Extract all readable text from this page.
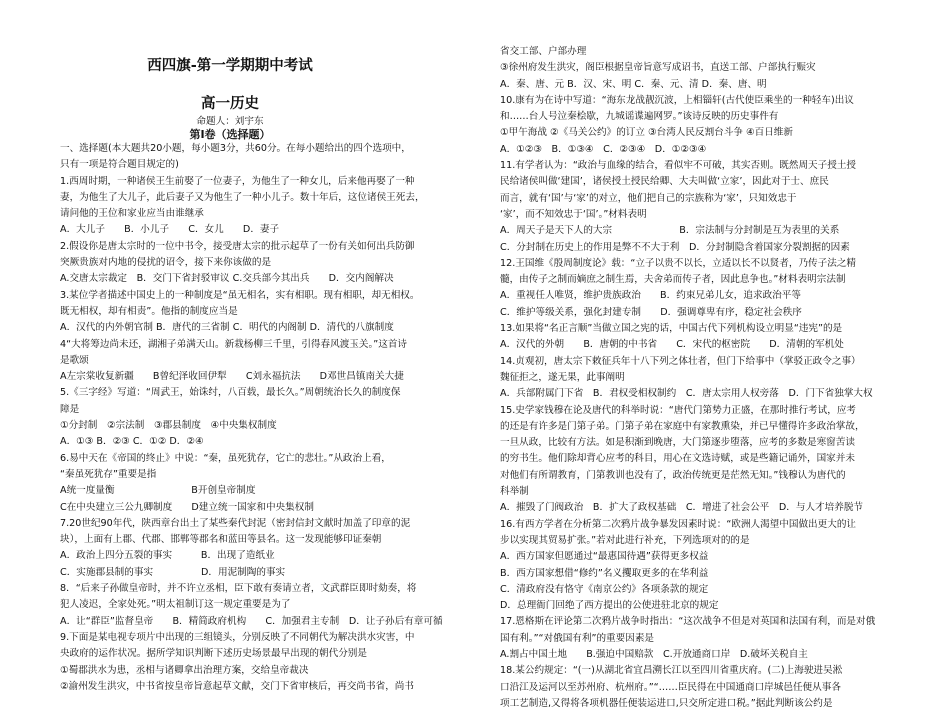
西四旗-第一学期期中考试
高一历史
命题人：刘宇东
第Ⅰ卷（选择题）
一、选择题(本大题共20小题，每小题3分，共60分。在每小题给出的四个选项中，
只有一项是符合题目规定的)
1.西周时期，一种诸侯王生前娶了一位妻子，为他生了一种女儿，后来他再娶了一种
妻，为他生了大儿子，此后妻子又为他生了一种小儿子。数十年后，这位诸侯王死去，
请问他的王位和家业应当由谁继承
A．大儿子　　B．小儿子　　C．女儿　　D．妻子
2.假设你是唐太宗时的一位中书令，接受唐太宗的批示起草了一份有关如何出兵防御
突厥贵族对内地的侵扰的诏令，接下来你该做的是
A.交唐太宗裁定　B．交门下省封驳审议 C.交兵部今其出兵　　D．交内阁解决
3.某位学者描述中国史上的一种制度是“虽无相名，实有相职。现有相职，却无相权。
既无相权，却有相责”。他指的制度应当是
A．汉代的内外朝官制 B．唐代的三省制 C．明代的内阁制 D．清代的八旗制度
4“大将筹边尚未还，湖湘子弟满天山。新栽杨柳三千里，引得春风渡玉关。”这首诗
是歌颂
A左宗棠收复新疆　　B曾纪泽收回伊犁　　C刘永福抗法　　D邓世昌镇南关大捷
5.《三字经》写道：“周武王，始诛纣，八百载，最长久。”周朝统治长久的制度保
障是
①分封制　②宗法制　③郡县制度　④中央集权制度
A．①③ B．②③ C．①② D．②④
6.易中天在《帝国的终止》中说：“秦，虽死犹存，它亡的悲壮。”从政治上看，
“秦虽死犹存”重要是指
A统一度量衡　　　　　　　　B开创皇帝制度
C在中央建立三公九卿制度　　D建立统一国家和中央集权制
7.20世纪90年代，陕西章台出土了某些秦代封泥（密封信封文献时加盖了印章的泥
块），上面有上郡、代郡、邯郸等郡名和蓝田等县名。这一发现能够印证秦朝
A．政治上四分五裂的事实　　　B．出现了造纸业
C．实施郡县制的事实　　　　　D．用泥制陶的事实
8．“后来子孙做皇帝时，并不许立丞相，臣下敢有奏请立者，文武群臣即时劾奏，将
犯人凌迟，全家处死。”明太祖制订这一规定重要是为了
A．让“群臣”监督皇帝　　B．精简政府机构　　C．加强君主专制　D．让子孙后有章可循
9.下面是某电视专项片中出现的三组镜头，分别反映了不同朝代为解决洪水灾害，中
央政府的运作状况。据所学知识判断下述历史场景最早出现的朝代分别是
①蜀郡洪水为患，丞相与诸卿拿出治理方案，交给皇帝裁决
②渝州发生洪灾，中书省按皇帝旨意起草文献，交门下省审核后，再交尚书省，尚书
省交工部、户部办理
③徐州府发生洪灾，阁臣根据皇帝旨意写成诏书，直送工部、户部执行赈灾
A．秦、唐、元 B．汉、宋、明 C．秦、元、清 D．秦、唐、明
10.康有为在诗中写道：“海东龙战靓沉波，上相锱轩(古代使臣乘坐的一种轻车)出议
和……台人号泣秦桧歇，九城谣谍遍网罗。”该诗反映的历史事件有
①甲午海战 ②《马关公约》的订立 ③台湾人民反割台斗争 ④百日维新
A．①②③　B．①③④　C．②③④　D．①②③④
11.有学者认为：“政治与血缘的结合，看似牢不可破，其实否则。既然周天子授土授
民给诸侯叫做‘建国’，诸侯授土授民给卿、大夫叫做‘立家’，因此对于士、庶民
而言，就有‘国’与‘家’的对立，他们把自己的宗族称为‘家’，只知效忠于
‘家’，而不知效忠于‘国’。”材料表明
A．周天子是天下人的大宗　　　　　　　B．宗法制与分封制是互为表里的关系
C．分封制在历史上的作用是弊不不大于利　D．分封制隐含着国家分裂割据的因素
12.王国维《殷周制度论》载：“立子以贵不以长，立适以长不以贤者，乃传子法之精
髓，由传子之制而嫡庶之制生焉，夫舍弟而传子者，因此息争也。”材料表明宗法制
A．重视任人唯贤，维护贵族政治　　B．约束兄弟儿女，追求政治平等
C．维护等级关系，强化封建专制　　D．强调尊卑有序，稳定社会秩序
13.如果将“名正言顺”当做立国之宪的话，中国古代下列机构设立明显“违宪”的是
A．汉代的外朝　　B．唐朝的中书省　　C．宋代的枢密院　　D．清朝的军机处
14.贞观初，唐太宗下敕征兵年十八下列之体壮者，但门下给事中（掌驳正政令之事）
魏征拒之，遂无果，此事阐明
A．兵部附属门下省　B．君权受相权制约　C．唐太宗用人权旁落　D．门下省独掌大权
15.史学家钱穆在论及唐代的科举时说：“唐代门第势力正盛，在那时推行考试，应考
的还是有许多是门第子弟。门第子弟在家庭中有家教熏染，并已早懂得许多政治掌故，
一旦从政，比较有方法。如是积渐到晚唐，大门第逐步堕落，应考的多数是寒窗苦读
的穷书生。他们除却背心应考的科目，用心在文选诗赋，或是些籍记诵外，国家并未
对他们有所谓教育，门第教训也没有了，政治传统更是茫然无知。”钱穆认为唐代的
科举制
A．摧毁了门阀政治　B．扩大了政权基础　C．增进了社会公平　D．与人才培养脱节
16.有西方学者在分析第二次鸦片战争暴发因素时说：“欧洲人渴望中国做出更大的让
步以实现其贸易扩张。”若对此进行补充，下列选项对的的是
A．西方国家但愿通过“最惠国待遇”获得更多权益
B．西方国家想借“修约”名义攫取更多的在华利益
C．清政府没有恪守《南京公约》各项条款的规定
D．总理衙门回绝了西方提出的公使进驻北京的规定
17.恩格斯在评论第二次鸦片战争时指出：“这次战争不但是对英国和法国有利，而是对俄
国有利。”“对俄国有利”的重要因素是
A.割占中国土地　　B.强迫中国赔款　C.开放通商口岸　D.破坏关税自主
18.某公约规定：“(一)从湖北省宜昌溯长江以至四川省重庆府。(二)上海驶进吴淞
口沿江及运河以至苏州府、杭州府。”“……臣民得在中国通商口岸城邑任便从事各
项工艺制造,又得将各项机器任便装运进口,只交所定进口税。”据此判断该公约是
